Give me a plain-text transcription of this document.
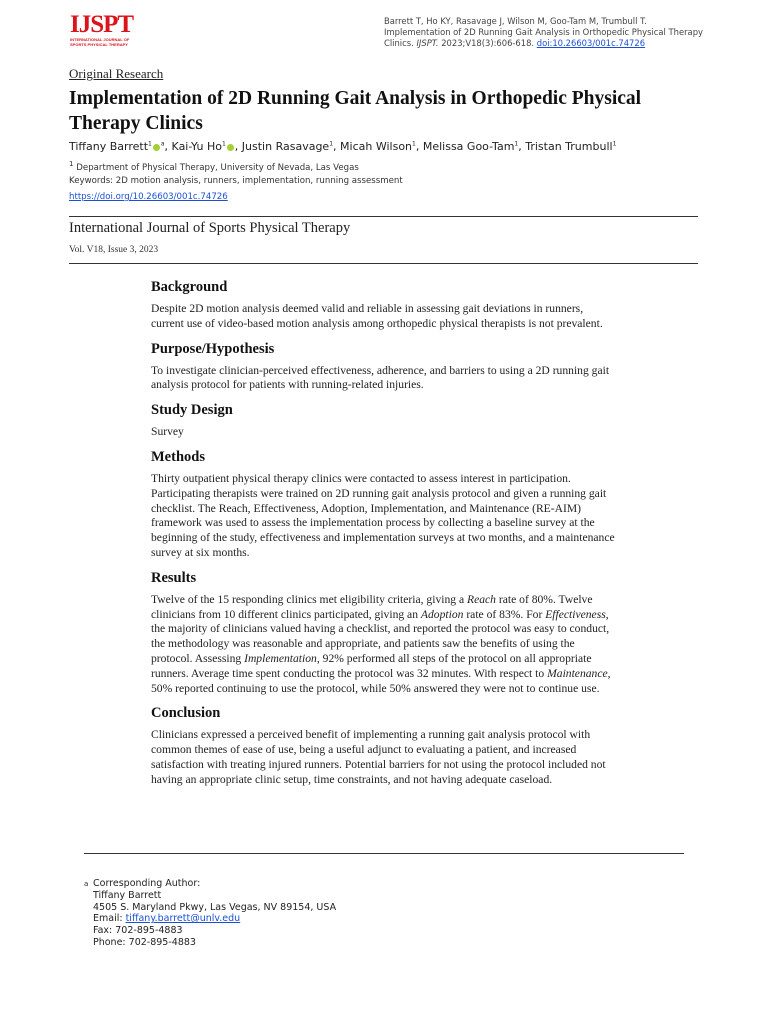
IJSPT
INTERNATIONAL JOURNAL OF SPORTS PHYSICAL THERAPY
Barrett T, Ho KY, Rasavage J, Wilson M, Goo-Tam M, Trumbull T. Implementation of 2D Running Gait Analysis in Orthopedic Physical Therapy Clinics. IJSPT. 2023;V18(3):606-618. doi:10.26603/001c.74726
Original Research
Implementation of 2D Running Gait Analysis in Orthopedic Physical Therapy Clinics
Tiffany Barrett$^1$ $^a$, Kai-Yu Ho$^1$ , Justin Rasavage$^1$, Micah Wilson$^1$, Melissa Goo-Tam$^1$, Tristan Trumbull$^1$
$^1$ Department of Physical Therapy, University of Nevada, Las Vegas
Keywords: 2D motion analysis, runners, implementation, running assessment
https://doi.org/10.26603/001c.74726
International Journal of Sports Physical Therapy
Vol. V18, Issue 3, 2023
Background

Despite 2D motion analysis deemed valid and reliable in assessing gait deviations in runners, current use of video-based motion analysis among orthopedic physical therapists is not prevalent.

Purpose/Hypothesis

To investigate clinician-perceived effectiveness, adherence, and barriers to using a 2D running gait analysis protocol for patients with running-related injuries.

Study Design

Survey

Methods

Thirty outpatient physical therapy clinics were contacted to assess interest in participation. Participating therapists were trained on 2D running gait analysis protocol and given a running gait checklist. The Reach, Effectiveness, Adoption, Implementation, and Maintenance (RE-AIM) framework was used to assess the implementation process by collecting a baseline survey at the beginning of the study, effectiveness and implementation surveys at two months, and a maintenance survey at six months.

Results

Twelve of the 15 responding clinics met eligibility criteria, giving a Reach rate of 80%. Twelve clinicians from 10 different clinics participated, giving an Adoption rate of 83%. For Effectiveness, the majority of clinicians valued having a checklist, and reported the protocol was easy to conduct, the methodology was reasonable and appropriate, and patients saw the benefits of using the protocol. Assessing Implementation, 92% performed all steps of the protocol on all appropriate runners. Average time spent conducting the protocol was 32 minutes. With respect to Maintenance, 50% reported continuing to use the protocol, while 50% answered they were not to continue use.

Conclusion

Clinicians expressed a perceived benefit of implementing a running gait analysis protocol with common themes of ease of use, being a useful adjunct to evaluating a patient, and increased satisfaction with treating injured runners. Potential barriers for not using the protocol included not having an appropriate clinic setup, time constraints, and not having adequate caseload.

a Corresponding Author:
Tiffany Barrett
4505 S. Maryland Pkwy, Las Vegas, NV 89154, USA
Email: tiffany.barrett@unlv.edu
Fax: 702-895-4883
Phone: 702-895-4883
